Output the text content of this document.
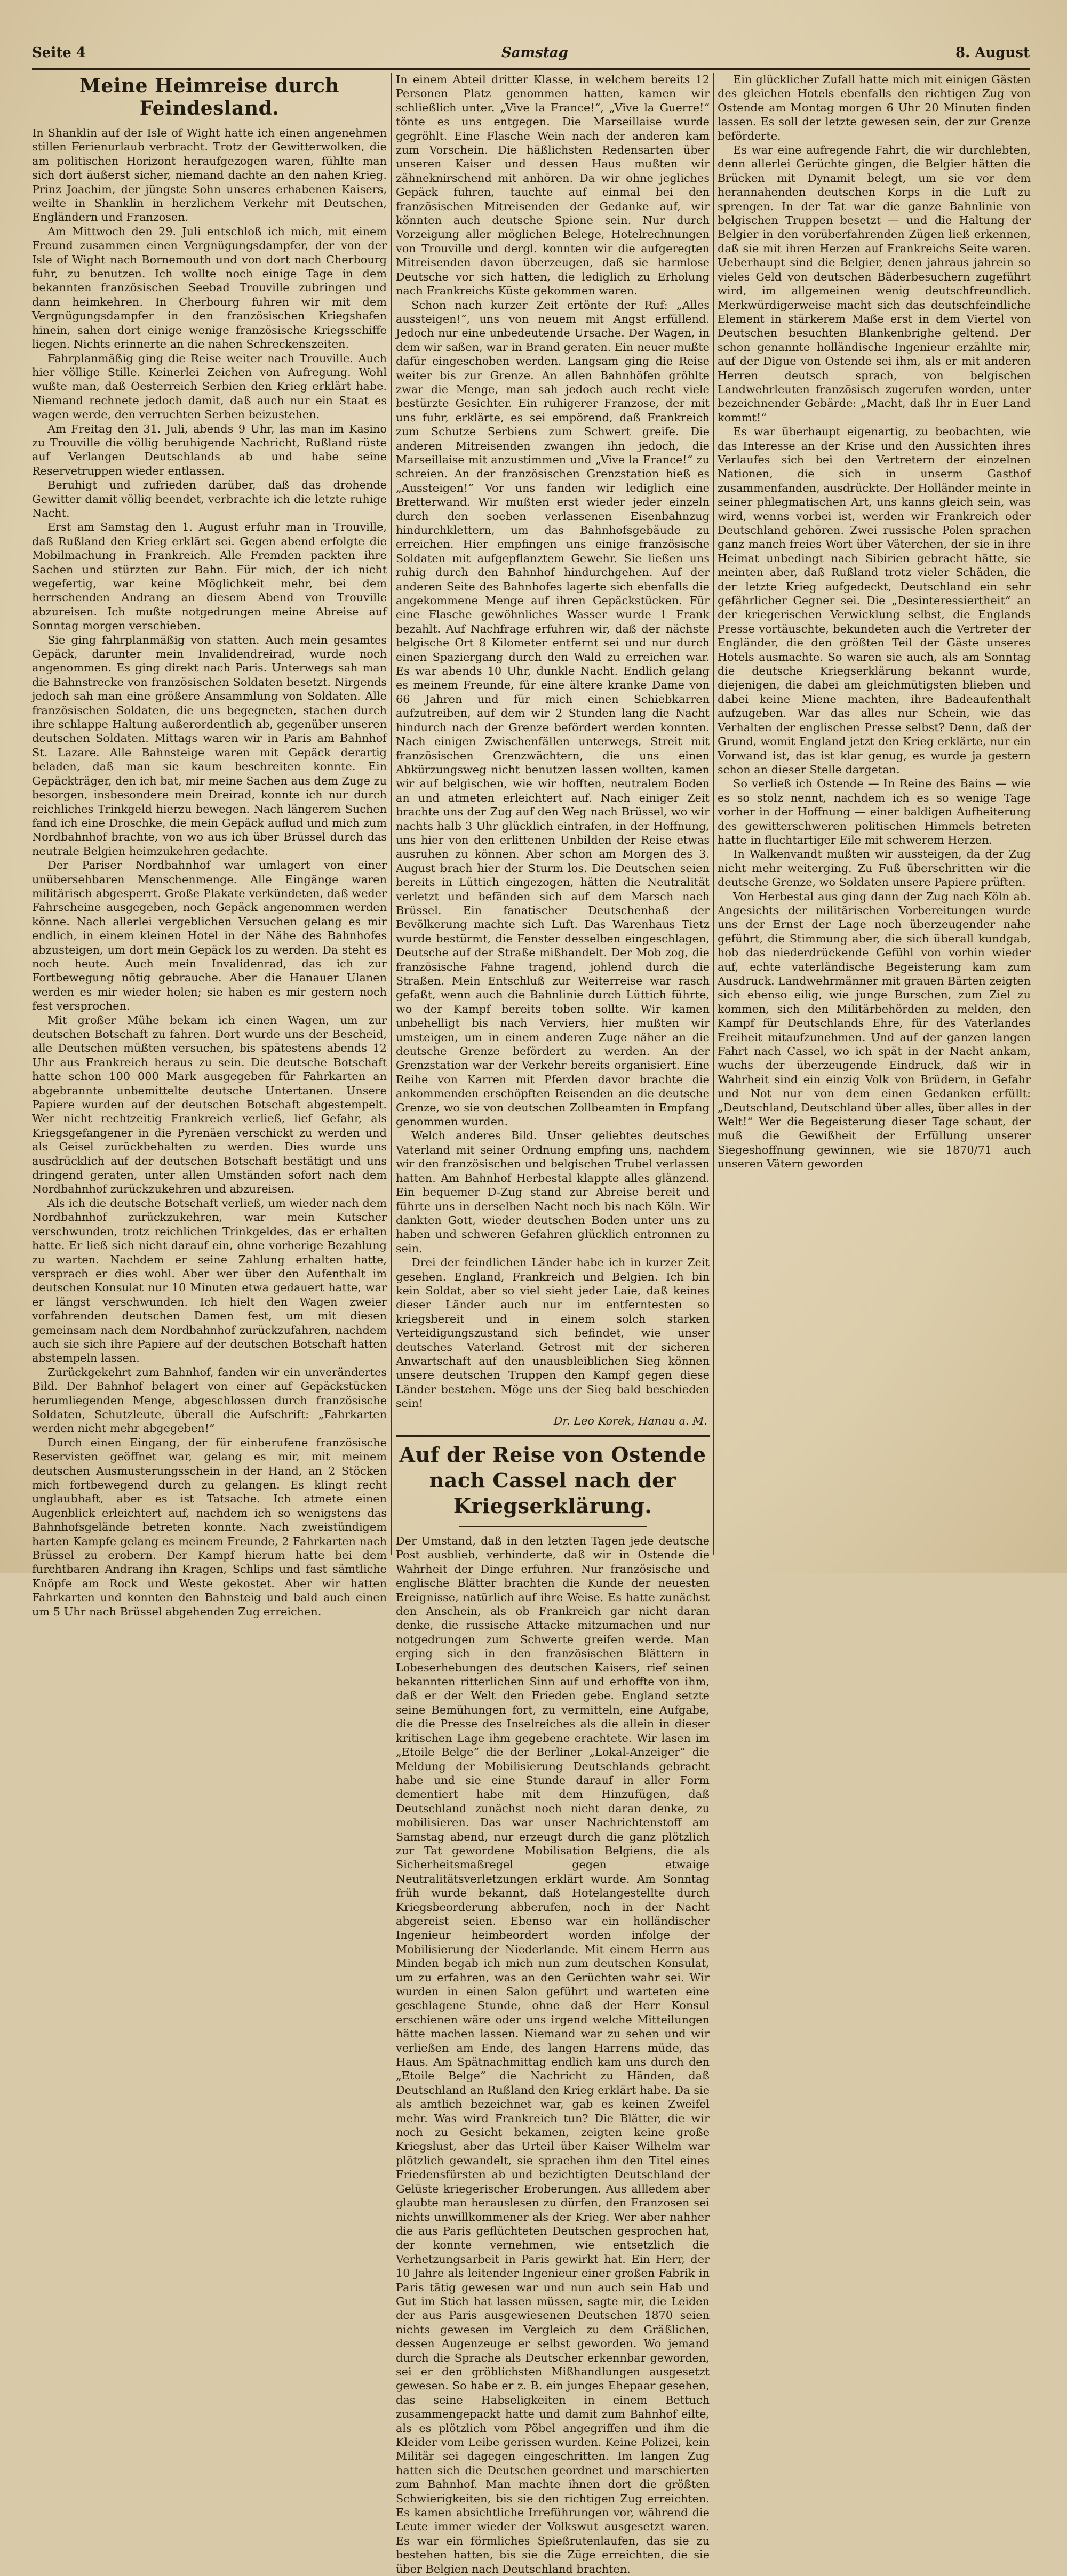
Seite 4	Samstag	8. August
Meine Heimreise durch Feindesland.

In Shanklin auf der Isle of Wight hatte ich einen angenehmen stillen Ferienurlaub verbracht. Trotz der Gewitterwolken, die am politischen Horizont heraufgezogen waren, fühlte man sich dort äußerst sicher, niemand dachte an den nahen Krieg. Prinz Joachim, der jüngste Sohn unseres erhabenen Kaisers, weilte in Shanklin in herzlichem Verkehr mit Deutschen, Engländern und Franzosen.

Am Mittwoch den 29. Juli entschloß ich mich, mit einem Freund zusammen einen Vergnügungsdampfer, der von der Isle of Wight nach Bornemouth und von dort nach Cherbourg fuhr, zu benutzen. Ich wollte noch einige Tage in dem bekannten französischen Seebad Trouville zubringen und dann heimkehren. In Cherbourg fuhren wir mit dem Vergnügungsdampfer in den französischen Kriegshafen hinein, sahen dort einige wenige französische Kriegsschiffe liegen. Nichts erinnerte an die nahen Schreckenszeiten.

Fahrplanmäßig ging die Reise weiter nach Trouville. Auch hier völlige Stille. Keinerlei Zeichen von Aufregung. Wohl wußte man, daß Oesterreich Serbien den Krieg erklärt habe. Niemand rechnete jedoch damit, daß auch nur ein Staat es wagen werde, den verruchten Serben beizustehen.

Am Freitag den 31. Juli, abends 9 Uhr, las man im Kasino zu Trouville die völlig beruhigende Nachricht, Rußland rüste auf Verlangen Deutschlands ab und habe seine Reservetruppen wieder entlassen.

Beruhigt und zufrieden darüber, daß das drohende Gewitter damit völlig beendet, verbrachte ich die letzte ruhige Nacht.

Erst am Samstag den 1. August erfuhr man in Trouville, daß Rußland den Krieg erklärt sei. Gegen abend erfolgte die Mobilmachung in Frankreich. Alle Fremden packten ihre Sachen und stürzten zur Bahn. Für mich, der ich nicht wegefertig, war keine Möglichkeit mehr, bei dem herrschenden Andrang an diesem Abend von Trouville abzureisen. Ich mußte notgedrungen meine Abreise auf Sonntag morgen verschieben.

Sie ging fahrplanmäßig von statten. Auch mein gesamtes Gepäck, darunter mein Invalidendreirad, wurde noch angenommen. Es ging direkt nach Paris. Unterwegs sah man die Bahnstrecke von französischen Soldaten besetzt. Nirgends jedoch sah man eine größere Ansammlung von Soldaten. Alle französischen Soldaten, die uns begegneten, stachen durch ihre schlappe Haltung außerordentlich ab, gegenüber unseren deutschen Soldaten. Mittags waren wir in Paris am Bahnhof St. Lazare. Alle Bahnsteige waren mit Gepäck derartig beladen, daß man sie kaum beschreiten konnte. Ein Gepäckträger, den ich bat, mir meine Sachen aus dem Zuge zu besorgen, insbesondere mein Dreirad, konnte ich nur durch reichliches Trinkgeld hierzu bewegen. Nach längerem Suchen fand ich eine Droschke, die mein Gepäck auflud und mich zum Nordbahnhof brachte, von wo aus ich über Brüssel durch das neutrale Belgien heimzukehren gedachte.

Der Pariser Nordbahnhof war umlagert von einer unübersehbaren Menschenmenge. Alle Eingänge waren militärisch abgesperrt. Große Plakate verkündeten, daß weder Fahrscheine ausgegeben, noch Gepäck angenommen werden könne. Nach allerlei vergeblichen Versuchen gelang es mir endlich, in einem kleinen Hotel in der Nähe des Bahnhofes abzusteigen, um dort mein Gepäck los zu werden. Da steht es noch heute. Auch mein Invalidenrad, das ich zur Fortbewegung nötig gebrauche. Aber die Hanauer Ulanen werden es mir wieder holen; sie haben es mir gestern noch fest versprochen.

Mit großer Mühe bekam ich einen Wagen, um zur deutschen Botschaft zu fahren. Dort wurde uns der Bescheid, alle Deutschen müßten versuchen, bis spätestens abends 12 Uhr aus Frankreich heraus zu sein. Die deutsche Botschaft hatte schon 100 000 Mark ausgegeben für Fahrkarten an abgebrannte unbemittelte deutsche Untertanen. Unsere Papiere wurden auf der deutschen Botschaft abgestempelt. Wer nicht rechtzeitig Frankreich verließ, lief Gefahr, als Kriegsgefangener in die Pyrenäen verschickt zu werden und als Geisel zurückbehalten zu werden. Dies wurde uns ausdrücklich auf der deutschen Botschaft bestätigt und uns dringend geraten, unter allen Umständen sofort nach dem Nordbahnhof zurückzukehren und abzureisen.

Als ich die deutsche Botschaft verließ, um wieder nach dem Nordbahnhof zurückzukehren, war mein Kutscher verschwunden, trotz reichlichen Trinkgeldes, das er erhalten hatte. Er ließ sich nicht darauf ein, ohne vorherige Bezahlung zu warten. Nachdem er seine Zahlung erhalten hatte, versprach er dies wohl. Aber wer über den Aufenthalt im deutschen Konsulat nur 10 Minuten etwa gedauert hatte, war er längst verschwunden. Ich hielt den Wagen zweier vorfahrenden deutschen Damen fest, um mit diesen gemeinsam nach dem Nordbahnhof zurückzufahren, nachdem auch sie sich ihre Papiere auf der deutschen Botschaft hatten abstempeln lassen.

Zurückgekehrt zum Bahnhof, fanden wir ein unverändertes Bild. Der Bahnhof belagert von einer auf Gepäckstücken herumliegenden Menge, abgeschlossen durch französische Soldaten, Schutzleute, überall die Aufschrift: „Fahrkarten werden nicht mehr abgegeben!“

Durch einen Eingang, der für einberufene französische Reservisten geöffnet war, gelang es mir, mit meinem deutschen Ausmusterungsschein in der Hand, an 2 Stöcken mich fortbewegend durch zu gelangen. Es klingt recht unglaubhaft, aber es ist Tatsache. Ich atmete einen Augenblick erleichtert auf, nachdem ich so wenigstens das Bahnhofsgelände betreten konnte. Nach zweistündigem harten Kampfe gelang es meinem Freunde, 2 Fahrkarten nach Brüssel zu erobern. Der Kampf hierum hatte bei dem furchtbaren Andrang ihn Kragen, Schlips und fast sämtliche Knöpfe am Rock und Weste gekostet. Aber wir hatten Fahrkarten und konnten den Bahnsteig und bald auch einen um 5 Uhr nach Brüssel abgehenden Zug erreichen.

In einem Abteil dritter Klasse, in welchem bereits 12 Personen Platz genommen hatten, kamen wir schließlich unter. „Vive la France!“, „Vive la Guerre!“ tönte es uns entgegen. Die Marseillaise wurde gegröhlt. Eine Flasche Wein nach der anderen kam zum Vorschein. Die häßlichsten Redensarten über unseren Kaiser und dessen Haus mußten wir zähneknirschend mit anhören. Da wir ohne jegliches Gepäck fuhren, tauchte auf einmal bei den französischen Mitreisenden der Gedanke auf, wir könnten auch deutsche Spione sein. Nur durch Vorzeigung aller möglichen Belege, Hotelrechnungen von Trouville und dergl. konnten wir die aufgeregten Mitreisenden davon überzeugen, daß sie harmlose Deutsche vor sich hatten, die lediglich zu Erholung nach Frankreichs Küste gekommen waren.

Schon nach kurzer Zeit ertönte der Ruf: „Alles aussteigen!“, uns von neuem mit Angst erfüllend. Jedoch nur eine unbedeutende Ursache. Der Wagen, in dem wir saßen, war in Brand geraten. Ein neuer mußte dafür eingeschoben werden. Langsam ging die Reise weiter bis zur Grenze. An allen Bahnhöfen gröhlte zwar die Menge, man sah jedoch auch recht viele bestürzte Gesichter. Ein ruhigerer Franzose, der mit uns fuhr, erklärte, es sei empörend, daß Frankreich zum Schutze Serbiens zum Schwert greife. Die anderen Mitreisenden zwangen ihn jedoch, die Marseillaise mit anzustimmen und „Vive la France!“ zu schreien. An der französischen Grenzstation hieß es „Aussteigen!“ Vor uns fanden wir lediglich eine Bretterwand. Wir mußten erst wieder jeder einzeln durch den soeben verlassenen Eisenbahnzug hindurchklettern, um das Bahnhofsgebäude zu erreichen. Hier empfingen uns einige französische Soldaten mit aufgepflanztem Gewehr. Sie ließen uns ruhig durch den Bahnhof hindurchgehen. Auf der anderen Seite des Bahnhofes lagerte sich ebenfalls die angekommene Menge auf ihren Gepäckstücken. Für eine Flasche gewöhnliches Wasser wurde 1 Frank bezahlt. Auf Nachfrage erfuhren wir, daß der nächste belgische Ort 8 Kilometer entfernt sei und nur durch einen Spaziergang durch den Wald zu erreichen war. Es war abends 10 Uhr, dunkle Nacht. Endlich gelang es meinem Freunde, für eine ältere kranke Dame von 66 Jahren und für mich einen Schiebkarren aufzutreiben, auf dem wir 2 Stunden lang die Nacht hindurch nach der Grenze befördert werden konnten. Nach einigen Zwischenfällen unterwegs, Streit mit französischen Grenzwächtern, die uns einen Abkürzungsweg nicht benutzen lassen wollten, kamen wir auf belgischen, wie wir hofften, neutralem Boden an und atmeten erleichtert auf. Nach einiger Zeit brachte uns der Zug auf den Weg nach Brüssel, wo wir nachts halb 3 Uhr glücklich eintrafen, in der Hoffnung, uns hier von den erlittenen Unbilden der Reise etwas ausruhen zu können. Aber schon am Morgen des 3. August brach hier der Sturm los. Die Deutschen seien bereits in Lüttich eingezogen, hätten die Neutralität verletzt und befänden sich auf dem Marsch nach Brüssel. Ein fanatischer Deutschenhaß der Bevölkerung machte sich Luft. Das Warenhaus Tietz wurde bestürmt, die Fenster desselben eingeschlagen, Deutsche auf der Straße mißhandelt. Der Mob zog, die französische Fahne tragend, johlend durch die Straßen. Mein Entschluß zur Weiterreise war rasch gefaßt, wenn auch die Bahnlinie durch Lüttich führte, wo der Kampf bereits toben sollte. Wir kamen unbehelligt bis nach Verviers, hier mußten wir umsteigen, um in einem anderen Zuge näher an die deutsche Grenze befördert zu werden. An der Grenzstation war der Verkehr bereits organisiert. Eine Reihe von Karren mit Pferden davor brachte die ankommenden erschöpften Reisenden an die deutsche Grenze, wo sie von deutschen Zollbeamten in Empfang genommen wurden.

Welch anderes Bild. Unser geliebtes deutsches Vaterland mit seiner Ordnung empfing uns, nachdem wir den französischen und belgischen Trubel verlassen hatten. Am Bahnhof Herbestal klappte alles glänzend. Ein bequemer D-Zug stand zur Abreise bereit und führte uns in derselben Nacht noch bis nach Köln. Wir dankten Gott, wieder deutschen Boden unter uns zu haben und schweren Gefahren glücklich entronnen zu sein.

Drei der feindlichen Länder habe ich in kurzer Zeit gesehen. England, Frankreich und Belgien. Ich bin kein Soldat, aber so viel sieht jeder Laie, daß keines dieser Länder auch nur im entferntesten so kriegsbereit und in einem solch starken Verteidigungszustand sich befindet, wie unser deutsches Vaterland. Getrost mit der sicheren Anwartschaft auf den unausbleiblichen Sieg können unsere deutschen Truppen den Kampf gegen diese Länder bestehen. Möge uns der Sieg bald beschieden sein!

Dr. Leo Korek, Hanau a. M.
Auf der Reise von Ostende nach Cassel nach der Kriegserklärung.

Der Umstand, daß in den letzten Tagen jede deutsche Post ausblieb, verhinderte, daß wir in Ostende die Wahrheit der Dinge erfuhren. Nur französische und englische Blätter brachten die Kunde der neuesten Ereignisse, natürlich auf ihre Weise. Es hatte zunächst den Anschein, als ob Frankreich gar nicht daran denke, die russische Attacke mitzumachen und nur notgedrungen zum Schwerte greifen werde. Man erging sich in den französischen Blättern in Lobeserhebungen des deutschen Kaisers, rief seinen bekannten ritterlichen Sinn auf und erhoffte von ihm, daß er der Welt den Frieden gebe. England setzte seine Bemühungen fort, zu vermitteln, eine Aufgabe, die die Presse des Inselreiches als die allein in dieser kritischen Lage ihm gegebene erachtete. Wir lasen im „Etoile Belge“ die der Berliner „Lokal-Anzeiger“ die Meldung der Mobilisierung Deutschlands gebracht habe und sie eine Stunde darauf in aller Form dementiert habe mit dem Hinzufügen, daß Deutschland zunächst noch nicht daran denke, zu mobilisieren. Das war unser Nachrichtenstoff am Samstag abend, nur erzeugt durch die ganz plötzlich zur Tat gewordene Mobilisation Belgiens, die als Sicherheitsmaßregel gegen etwaige Neutralitätsverletzungen erklärt wurde. Am Sonntag früh wurde bekannt, daß Hotelangestellte durch Kriegsbeorderung abberufen, noch in der Nacht abgereist seien. Ebenso war ein holländischer Ingenieur heimbeordert worden infolge der Mobilisierung der Niederlande. Mit einem Herrn aus Minden begab ich mich nun zum deutschen Konsulat, um zu erfahren, was an den Gerüchten wahr sei. Wir wurden in einen Salon geführt und warteten eine geschlagene Stunde, ohne daß der Herr Konsul erschienen wäre oder uns irgend welche Mitteilungen hätte machen lassen. Niemand war zu sehen und wir verließen am Ende, des langen Harrens müde, das Haus. Am Spätnachmittag endlich kam uns durch den „Etoile Belge“ die Nachricht zu Händen, daß Deutschland an Rußland den Krieg erklärt habe. Da sie als amtlich bezeichnet war, gab es keinen Zweifel mehr. Was wird Frankreich tun? Die Blätter, die wir noch zu Gesicht bekamen, zeigten keine große Kriegslust, aber das Urteil über Kaiser Wilhelm war plötzlich gewandelt, sie sprachen ihm den Titel eines Friedensfürsten ab und bezichtigten Deutschland der Gelüste kriegerischer Eroberungen. Aus allledem aber glaubte man herauslesen zu dürfen, den Franzosen sei nichts unwillkommener als der Krieg. Wer aber nahher die aus Paris geflüchteten Deutschen gesprochen hat, der konnte vernehmen, wie entsetzlich die Verhetzungsarbeit in Paris gewirkt hat. Ein Herr, der 10 Jahre als leitender Ingenieur einer großen Fabrik in Paris tätig gewesen war und nun auch sein Hab und Gut im Stich hat lassen müssen, sagte mir, die Leiden der aus Paris ausgewiesenen Deutschen 1870 seien nichts gewesen im Vergleich zu dem Gräßlichen, dessen Augenzeuge er selbst geworden. Wo jemand durch die Sprache als Deutscher erkennbar geworden, sei er den gröblichsten Mißhandlungen ausgesetzt gewesen. So habe er z. B. ein junges Ehepaar gesehen, das seine Habseligkeiten in einem Bettuch zusammengepackt hatte und damit zum Bahnhof eilte, als es plötzlich vom Pöbel angegriffen und ihm die Kleider vom Leibe gerissen wurden. Keine Polizei, kein Militär sei dagegen eingeschritten. Im langen Zug hatten sich die Deutschen geordnet und marschierten zum Bahnhof. Man machte ihnen dort die größten Schwierigkeiten, bis sie den richtigen Zug erreichten. Es kamen absichtliche Irreführungen vor, während die Leute immer wieder der Volkswut ausgesetzt waren. Es war ein förmliches Spießrutenlaufen, das sie zu bestehen hatten, bis sie die Züge erreichten, die sie über Belgien nach Deutschland brachten.

Ein glücklicher Zufall hatte mich mit einigen Gästen des gleichen Hotels ebenfalls den richtigen Zug von Ostende am Montag morgen 6 Uhr 20 Minuten finden lassen. Es soll der letzte gewesen sein, der zur Grenze beförderte.

Es war eine aufregende Fahrt, die wir durchlebten, denn allerlei Gerüchte gingen, die Belgier hätten die Brücken mit Dynamit belegt, um sie vor dem herannahenden deutschen Korps in die Luft zu sprengen. In der Tat war die ganze Bahnlinie von belgischen Truppen besetzt — und die Haltung der Belgier in den vorüberfahrenden Zügen ließ erkennen, daß sie mit ihren Herzen auf Frankreichs Seite waren. Ueberhaupt sind die Belgier, denen jahraus jahrein so vieles Geld von deutschen Bäderbesuchern zugeführt wird, im allgemeinen wenig deutschfreundlich. Merkwürdigerweise macht sich das deutschfeindliche Element in stärkerem Maße erst in dem Viertel von Deutschen besuchten Blankenbrighe geltend. Der schon genannte holländische Ingenieur erzählte mir, auf der Digue von Ostende sei ihm, als er mit anderen Herren deutsch sprach, von belgischen Landwehrleuten französisch zugerufen worden, unter bezeichnender Gebärde: „Macht, daß Ihr in Euer Land kommt!“

Es war überhaupt eigenartig, zu beobachten, wie das Interesse an der Krise und den Aussichten ihres Verlaufes sich bei den Vertretern der einzelnen Nationen, die sich in unserm Gasthof zusammenfanden, ausdrückte. Der Holländer meinte in seiner phlegmatischen Art, uns kanns gleich sein, was wird, wenns vorbei ist, werden wir Frankreich oder Deutschland gehören. Zwei russische Polen sprachen ganz manch freies Wort über Väterchen, der sie in ihre Heimat unbedingt nach Sibirien gebracht hätte, sie meinten aber, daß Rußland trotz vieler Schäden, die der letzte Krieg aufgedeckt, Deutschland ein sehr gefährlicher Gegner sei. Die „Desinteressiertheit“ an der kriegerischen Verwicklung selbst, die Englands Presse vortäuschte, bekundeten auch die Vertreter der Engländer, die den größten Teil der Gäste unseres Hotels ausmachte. So waren sie auch, als am Sonntag die deutsche Kriegserklärung bekannt wurde, diejenigen, die dabei am gleichmütigsten blieben und dabei keine Miene machten, ihre Badeaufenthalt aufzugeben. War das alles nur Schein, wie das Verhalten der englischen Presse selbst? Denn, daß der Grund, womit England jetzt den Krieg erklärte, nur ein Vorwand ist, das ist klar genug, es wurde ja gestern schon an dieser Stelle dargetan.

So verließ ich Ostende — In Reine des Bains — wie es so stolz nennt, nachdem ich es so wenige Tage vorher in der Hoffnung — einer baldigen Aufheiterung des gewitterschweren politischen Himmels betreten hatte in fluchtartiger Eile mit schwerem Herzen.

In Walkenvandt mußten wir aussteigen, da der Zug nicht mehr weiterging. Zu Fuß überschritten wir die deutsche Grenze, wo Soldaten unsere Papiere prüften.

Von Herbestal aus ging dann der Zug nach Köln ab. Angesichts der militärischen Vorbereitungen wurde uns der Ernst der Lage noch überzeugender nahe geführt, die Stimmung aber, die sich überall kundgab, hob das niederdrückende Gefühl von vorhin wieder auf, echte vaterländische Begeisterung kam zum Ausdruck. Landwehrmänner mit grauen Bärten zeigten sich ebenso eilig, wie junge Burschen, zum Ziel zu kommen, sich den Militärbehörden zu melden, den Kampf für Deutschlands Ehre, für des Vaterlandes Freiheit mitaufzunehmen. Und auf der ganzen langen Fahrt nach Cassel, wo ich spät in der Nacht ankam, wuchs der überzeugende Eindruck, daß wir in Wahrheit sind ein einzig Volk von Brüdern, in Gefahr und Not nur von dem einen Gedanken erfüllt: „Deutschland, Deutschland über alles, über alles in der Welt!“ Wer die Begeisterung dieser Tage schaut, der muß die Gewißheit der Erfüllung unserer Siegeshoffnung gewinnen, wie sie 1870/71 auch unseren Vätern geworden
